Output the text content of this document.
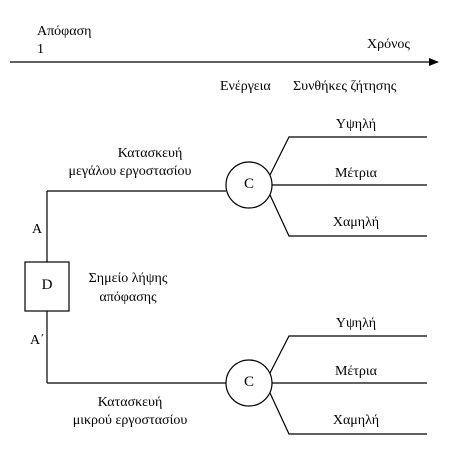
Απόφαση
1	Χρόνος
Ενέργεια Συνθήκες ζήτησης
Κατασκευή
μεγάλου εργοστασίου
A
C
Υψηλή
Μέτρια
Χαμηλή
D	Σημείο λήψης
απόφασης
A΄
C
Κατασκευή
μικρού εργοστασίου
Υψηλή
Μέτρια
Χαμηλή
